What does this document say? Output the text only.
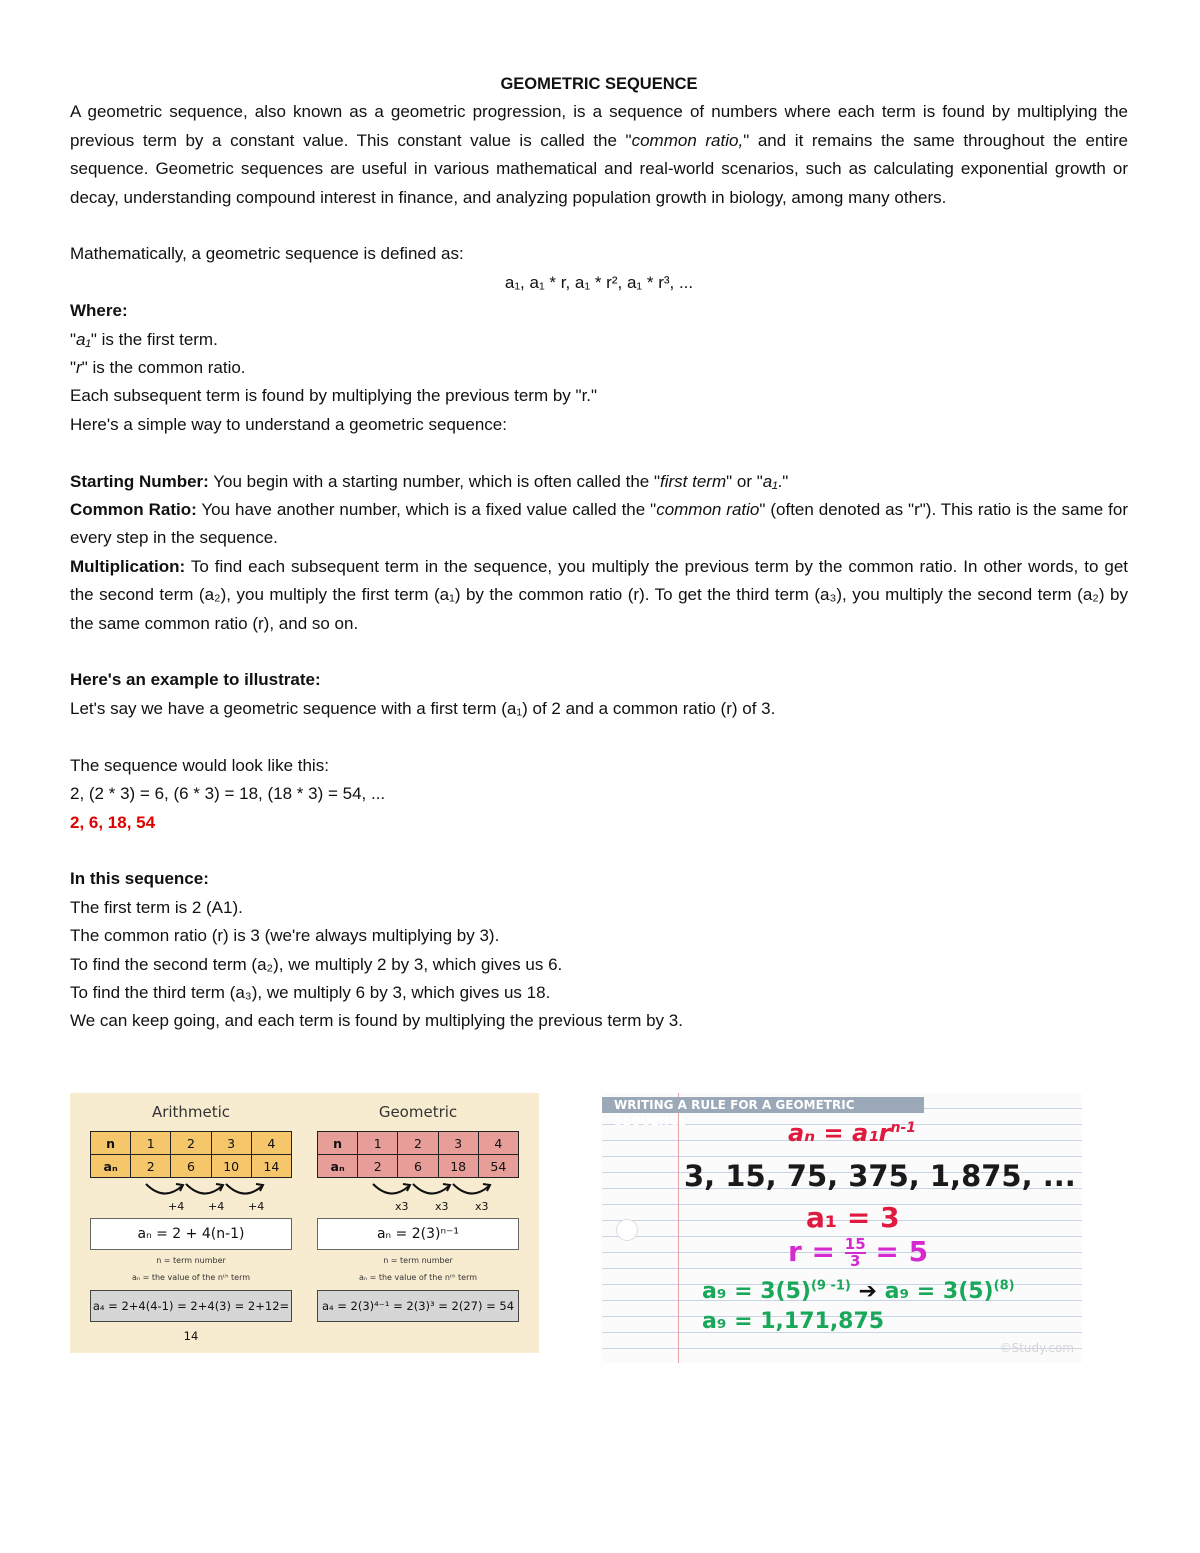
GEOMETRIC SEQUENCE

A geometric sequence, also known as a geometric progression, is a sequence of numbers where each term is found by multiplying the previous term by a constant value. This constant value is called the "common ratio," and it remains the same throughout the entire sequence. Geometric sequences are useful in various mathematical and real-world scenarios, such as calculating exponential growth or decay, understanding compound interest in finance, and analyzing population growth in biology, among many others.

Mathematically, a geometric sequence is defined as:

a₁, a₁ * r, a₁ * r², a₁ * r³, ...

Where:

"a₁" is the first term.

"r" is the common ratio.

Each subsequent term is found by multiplying the previous term by "r."

Here's a simple way to understand a geometric sequence:

Starting Number: You begin with a starting number, which is often called the "first term" or "a₁."

Common Ratio: You have another number, which is a fixed value called the "common ratio" (often denoted as "r"). This ratio is the same for every step in the sequence.

Multiplication: To find each subsequent term in the sequence, you multiply the previous term by the common ratio. In other words, to get the second term (a₂), you multiply the first term (a₁) by the common ratio (r). To get the third term (a₃), you multiply the second term (a₂) by the same common ratio (r), and so on.

Here's an example to illustrate:

Let's say we have a geometric sequence with a first term (a₁) of 2 and a common ratio (r) of 3.

The sequence would look like this:

2, (2 * 3) = 6, (6 * 3) = 18, (18 * 3) = 54, ...

2, 6, 18, 54

In this sequence:

The first term is 2 (A1).

The common ratio (r) is 3 (we're always multiplying by 3).

To find the second term (a₂), we multiply 2 by 3, which gives us 6.

To find the third term (a₃), we multiply 6 by 3, which gives us 18.

We can keep going, and each term is found by multiplying the previous term by 3.

Arithmetic
n	1	2	3	4
aₙ	2	6	10	14
+4 +4 +4
aₙ = 2 + 4(n-1)
n = term number
aₙ = the value of the nᵗʰ term
a₄ = 2+4(4-1) = 2+4(3) = 2+12= 14
Geometric
n	1	2	3	4
aₙ	2	6	18	54
x3 x3 x3
aₙ = 2(3)ⁿ⁻¹
n = term number
aₙ = the value of the nᵗʰ term
a₄ = 2(3)⁴⁻¹ = 2(3)³ = 2(27) = 54
WRITING A RULE FOR A GEOMETRIC SEQUENCE	$a_n = a_1r^{n-1}$
3, 15, 75, 375, 1,875, ...
a₁ = 3
$r = \frac{15}{3} = 5$
$a_9 = 3(5)^{(9 -1)}$ ➔ $a_9 = 3(5)^{(8)}$
a₉ = 1,171,875
©Study.com
